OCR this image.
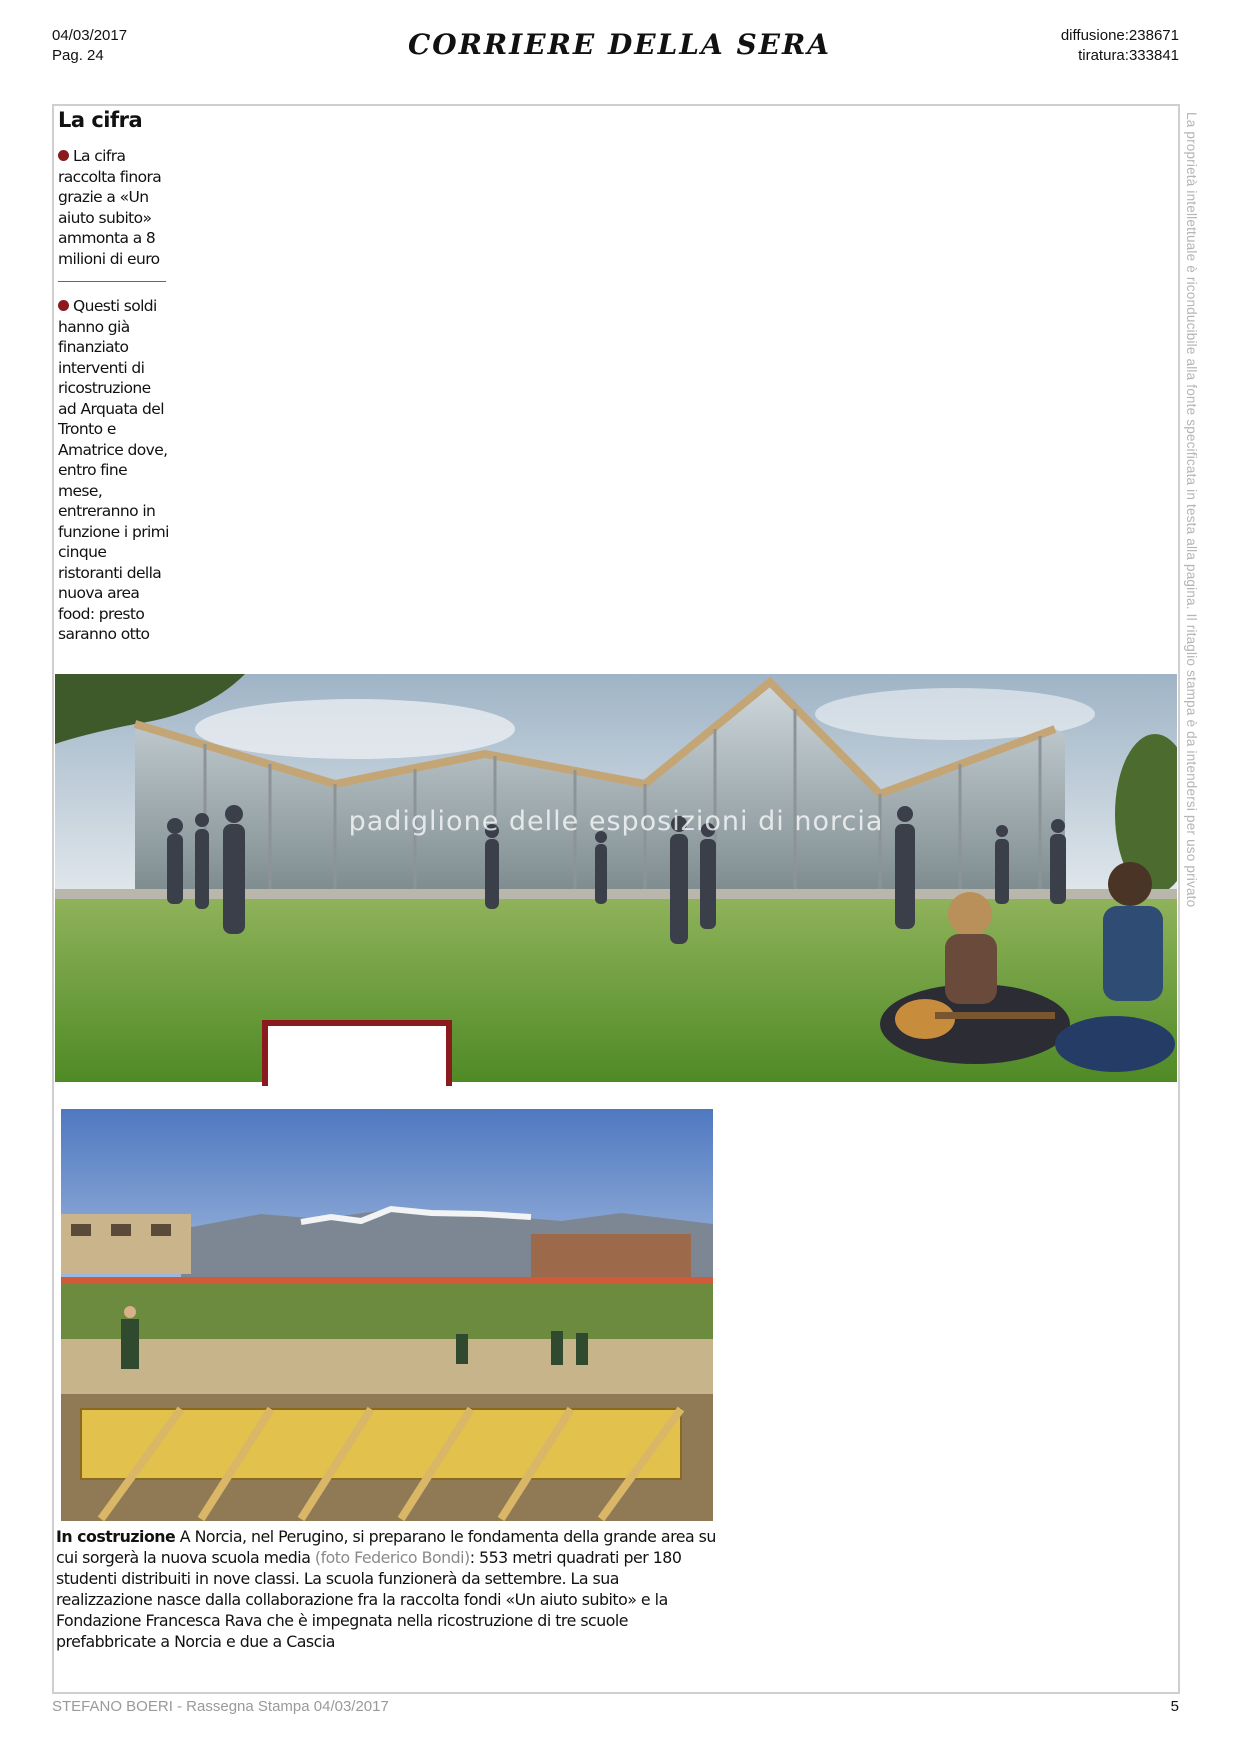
04/03/2017
Pag. 24	CORRIERE DELLA SERA	diffusione:238671
tiratura:333841
La cifra

La cifra raccolta finora grazie a «Un aiuto subito» ammonta a 8 milioni di euro

Questi soldi hanno già finanziato interventi di ricostruzione ad Arquata del Tronto e Amatrice dove, entro fine mese, entreranno in funzione i primi cinque ristoranti della nuova area food: presto saranno otto

padiglione delle esposizioni di norcia
In costruzione A Norcia, nel Perugino, si preparano le fondamenta della grande area su cui sorgerà la nuova scuola media (foto Federico Bondi): 553 metri quadrati per 180 studenti distribuiti in nove classi. La scuola funzionerà da settembre. La sua realizzazione nasce dalla collaborazione fra la raccolta fondi «Un aiuto subito» e la Fondazione Francesca Rava che è impegnata nella ricostruzione di tre scuole prefabbricate a Norcia e due a Cascia
La proprietà intellettuale è riconducibile alla fonte specificata in testa alla pagina. Il ritaglio stampa è da intendersi per uso privato
STEFANO BOERI - Rassegna Stampa 04/03/2017	5
